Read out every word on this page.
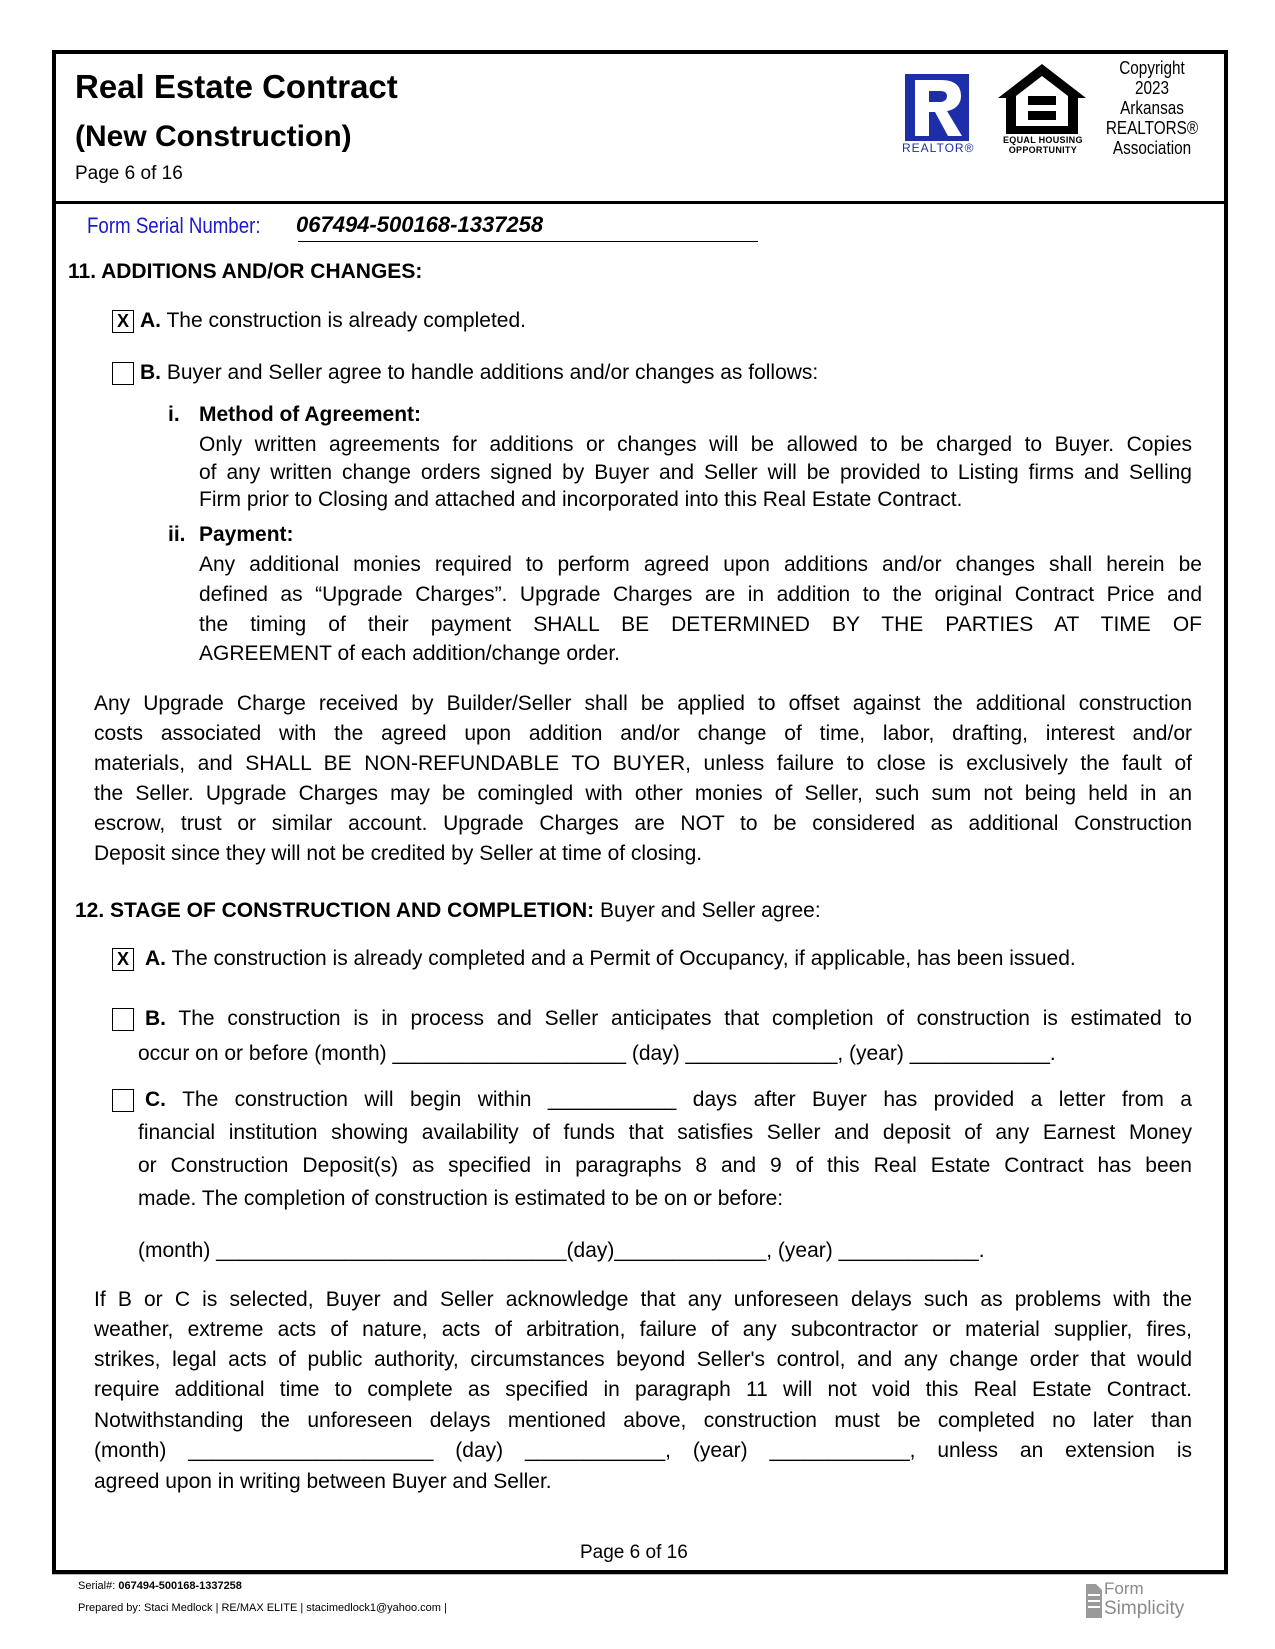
Real Estate Contract
(New Construction)
Page 6 of 16
REALTOR®
EQUAL HOUSING
OPPORTUNITY
Copyright
2023
Arkansas
REALTORS®
Association
Form Serial Number: 067494-500168-1337258
11. ADDITIONS AND/OR CHANGES:
X A. The construction is already completed.
B. Buyer and Seller agree to handle additions and/or changes as follows:
i. Method of Agreement:
Only written agreements for additions or changes will be allowed to be charged to Buyer. Copies
of any written change orders signed by Buyer and Seller will be provided to Listing firms and Selling
Firm prior to Closing and attached and incorporated into this Real Estate Contract.
ii. Payment:
Any additional monies required to perform agreed upon additions and/or changes shall herein be
defined as “Upgrade Charges”. Upgrade Charges are in addition to the original Contract Price and
the timing of their payment SHALL BE DETERMINED BY THE PARTIES AT TIME OF
AGREEMENT of each addition/change order.
Any Upgrade Charge received by Builder/Seller shall be applied to offset against the additional construction
costs associated with the agreed upon addition and/or change of time, labor, drafting, interest and/or
materials, and SHALL BE NON-REFUNDABLE TO BUYER, unless failure to close is exclusively the fault of
the Seller. Upgrade Charges may be comingled with other monies of Seller, such sum not being held in an
escrow, trust or similar account. Upgrade Charges are NOT to be considered as additional Construction
Deposit since they will not be credited by Seller at time of closing.
12. STAGE OF CONSTRUCTION AND COMPLETION: Buyer and Seller agree:
X A. The construction is already completed and a Permit of Occupancy, if applicable, has been issued.
B. The construction is in process and Seller anticipates that completion of construction is estimated to
occur on or before (month) ____________________ (day) _____________, (year) ____________.
C. The construction will begin within ___________ days after Buyer has provided a letter from a
financial institution showing availability of funds that satisfies Seller and deposit of any Earnest Money
or Construction Deposit(s) as specified in paragraphs 8 and 9 of this Real Estate Contract has been
made. The completion of construction is estimated to be on or before:
(month) ______________________________(day)_____________, (year) ____________.
If B or C is selected, Buyer and Seller acknowledge that any unforeseen delays such as problems with the
weather, extreme acts of nature, acts of arbitration, failure of any subcontractor or material supplier, fires,
strikes, legal acts of public authority, circumstances beyond Seller's control, and any change order that would
require additional time to complete as specified in paragraph 11 will not void this Real Estate Contract.
Notwithstanding the unforeseen delays mentioned above, construction must be completed no later than
(month) _____________________ (day) ____________, (year) ____________, unless an extension is
agreed upon in writing between Buyer and Seller.
Page 6 of 16
Serial#: 067494-500168-1337258
Prepared by: Staci Medlock | RE/MAX ELITE | stacimedlock1@yahoo.com |
Form
Simplicity
